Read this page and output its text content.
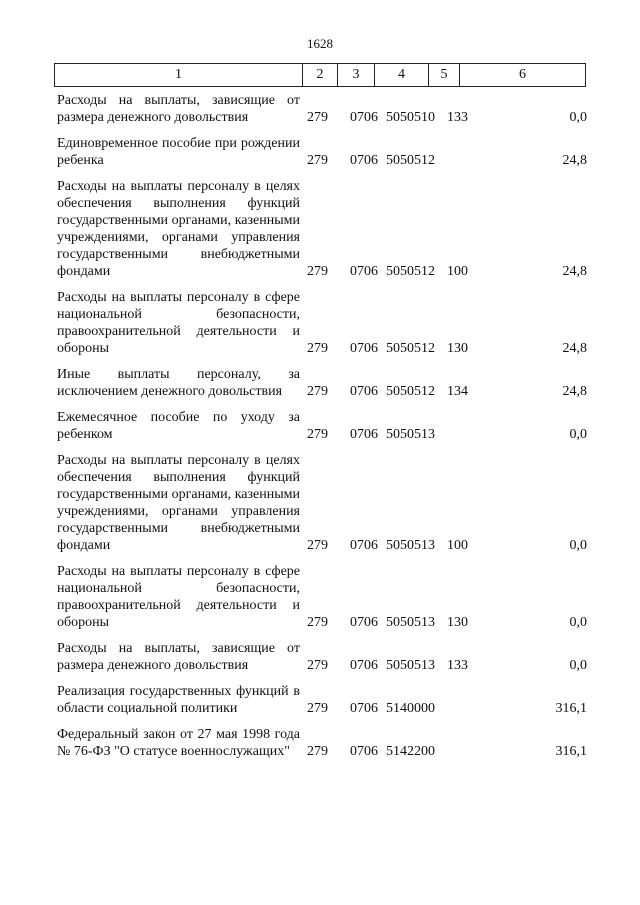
1628
1	2	3	4	5	6
Расходы на выплаты, зависящие от размера денежного довольствия	279 0706 5050510 133	0,0
Единовременное пособие при рождении ребенка	279 0706 5050512	24,8
Расходы на выплаты персоналу в целях обеспечения выполнения функций государственными органами, казенными учреждениями, органами управления государственными внебюджетными фондами	279 0706 5050512 100	24,8
Расходы на выплаты персоналу в сфере национальной безопасности, правоохранительной деятельности и обороны	279 0706 5050512 130	24,8
Иные выплаты персоналу, за исключением денежного довольствия	279 0706 5050512 134	24,8
Ежемесячное пособие по уходу за ребенком	279 0706 5050513	0,0
Расходы на выплаты персоналу в целях обеспечения выполнения функций государственными органами, казенными учреждениями, органами управления государственными внебюджетными фондами	279 0706 5050513 100	0,0
Расходы на выплаты персоналу в сфере национальной безопасности, правоохранительной деятельности и обороны	279 0706 5050513 130	0,0
Расходы на выплаты, зависящие от размера денежного довольствия	279 0706 5050513 133	0,0
Реализация государственных функций в области социальной политики	279 0706 5140000	316,1
Федеральный закон от 27 мая 1998 года № 76-ФЗ "О статусе военнослужащих"	279 0706 5142200	316,1
